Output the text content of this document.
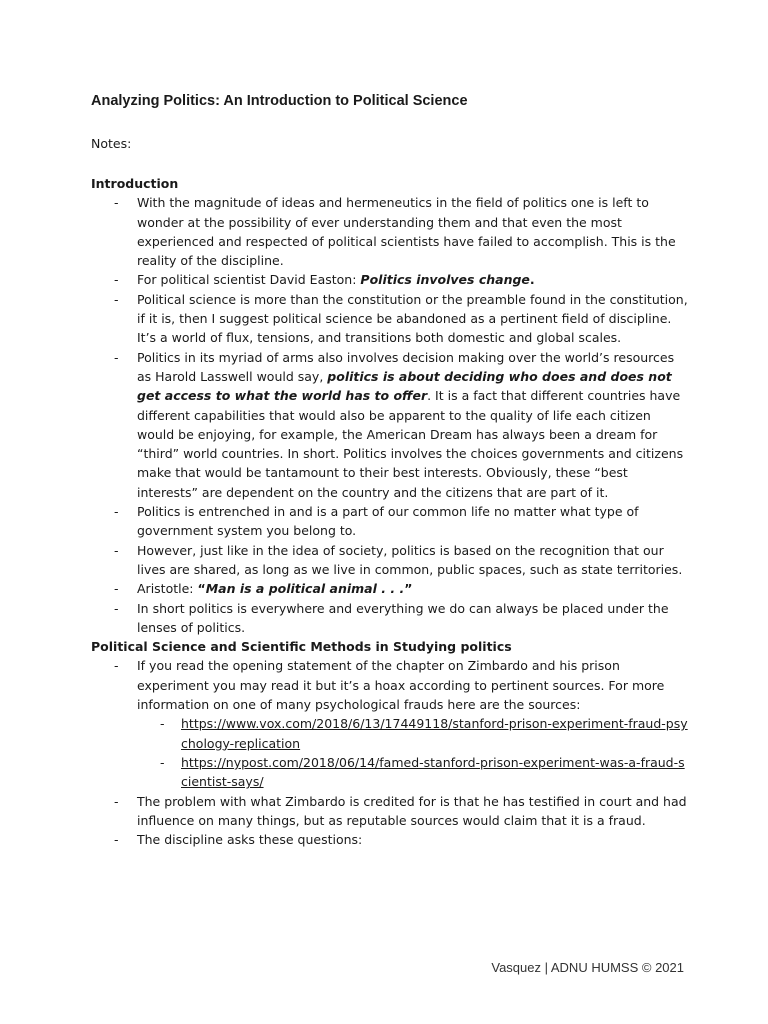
Analyzing Politics: An Introduction to Political Science

Notes:

Introduction

- With the magnitude of ideas and hermeneutics in the field of politics one is left to wonder at the possibility of ever understanding them and that even the most experienced and respected of political scientists have failed to accomplish. This is the reality of the discipline.
- For political scientist David Easton: Politics involves change.
- Political science is more than the constitution or the preamble found in the constitution, if it is, then I suggest political science be abandoned as a pertinent field of discipline. It’s a world of flux, tensions, and transitions both domestic and global scales.
- Politics in its myriad of arms also involves decision making over the world’s resources as Harold Lasswell would say, politics is about deciding who does and does not get access to what the world has to offer. It is a fact that different countries have different capabilities that would also be apparent to the quality of life each citizen would be enjoying, for example, the American Dream has always been a dream for “third” world countries. In short. Politics involves the choices governments and citizens make that would be tantamount to their best interests. Obviously, these “best interests” are dependent on the country and the citizens that are part of it.
- Politics is entrenched in and is a part of our common life no matter what type of government system you belong to.
- However, just like in the idea of society, politics is based on the recognition that our lives are shared, as long as we live in common, public spaces, such as state territories.
- Aristotle: “Man is a political animal . . .”
- In short politics is everywhere and everything we do can always be placed under the lenses of politics.

Political Science and Scientific Methods in Studying politics

- If you read the opening statement of the chapter on Zimbardo and his prison experiment you may read it but it’s a hoax according to pertinent sources. For more information on one of many psychological frauds here are the sources:
- https://www.vox.com/2018/6/13/17449118/stanford-prison-experiment-fraud-psychology-replication
- https://nypost.com/2018/06/14/famed-stanford-prison-experiment-was-a-fraud-scientist-says/
- The problem with what Zimbardo is credited for is that he has testified in court and had influence on many things, but as reputable sources would claim that it is a fraud.
- The discipline asks these questions:
Vasquez | ADNU HUMSS © 2021
